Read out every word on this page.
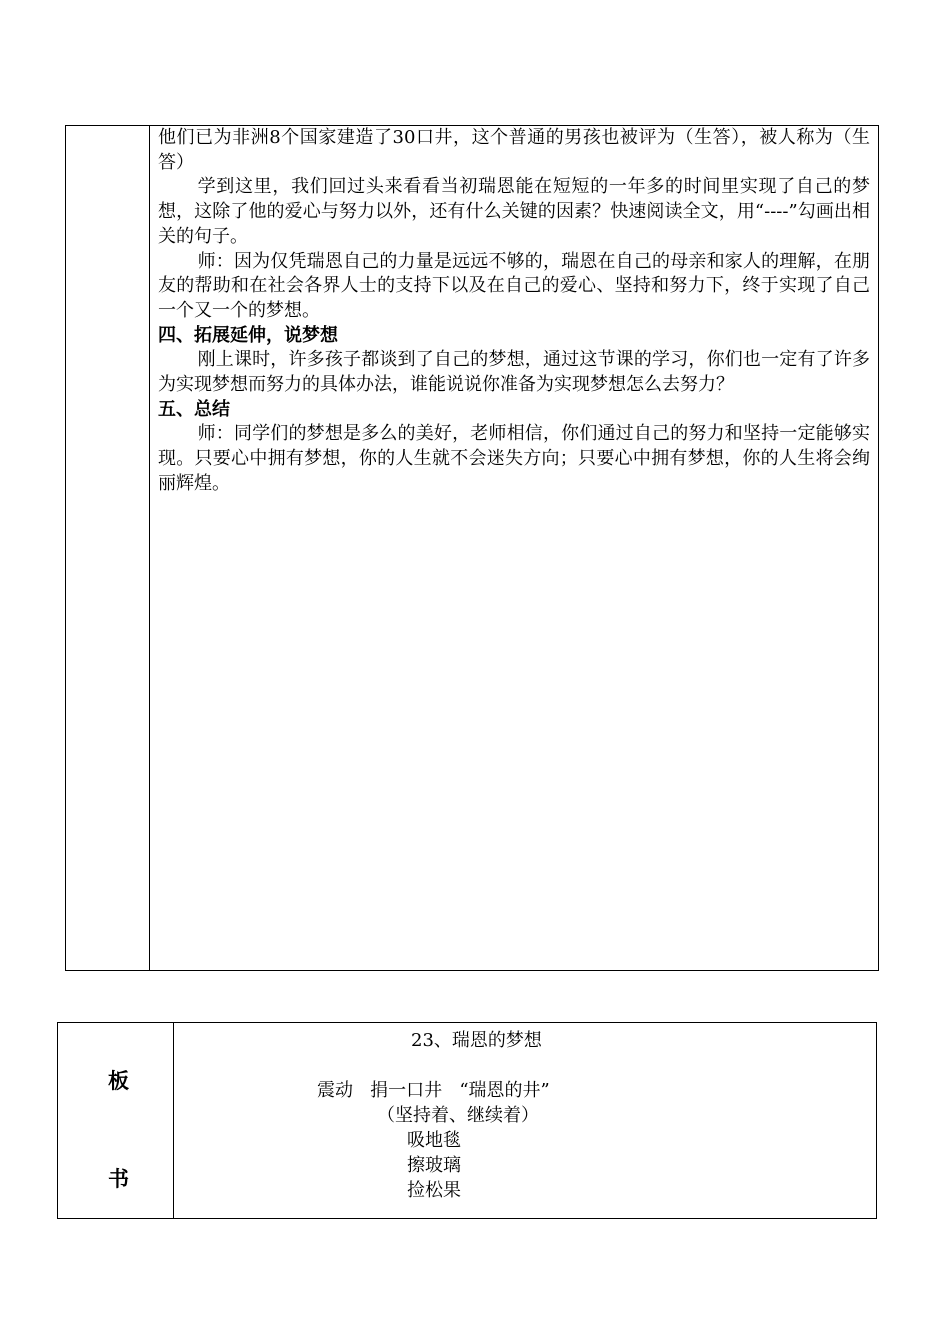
他们已为非洲8个国家建造了30口井，这个普通的男孩也被评为（生答），被人称为（生答）

学到这里，我们回过头来看看当初瑞恩能在短短的一年多的时间里实现了自己的梦想，这除了他的爱心与努力以外，还有什么关键的因素？快速阅读全文，用“----”勾画出相关的句子。

师：因为仅凭瑞恩自己的力量是远远不够的，瑞恩在自己的母亲和家人的理解，在朋友的帮助和在社会各界人士的支持下以及在自己的爱心、坚持和努力下，终于实现了自己一个又一个的梦想。

四、拓展延伸，说梦想

刚上课时，许多孩子都谈到了自己的梦想，通过这节课的学习，你们也一定有了许多为实现梦想而努力的具体办法，谁能说说你准备为实现梦想怎么去努力？

五、总结

师：同学们的梦想是多么的美好，老师相信，你们通过自己的努力和坚持一定能够实现。只要心中拥有梦想，你的人生就不会迷失方向；只要心中拥有梦想，你的人生将会绚丽辉煌。

板
书
23、瑞恩的梦想
震动   捐一口井   “瑞恩的井”
（坚持着、继续着）
吸地毯
擦玻璃
捡松果
